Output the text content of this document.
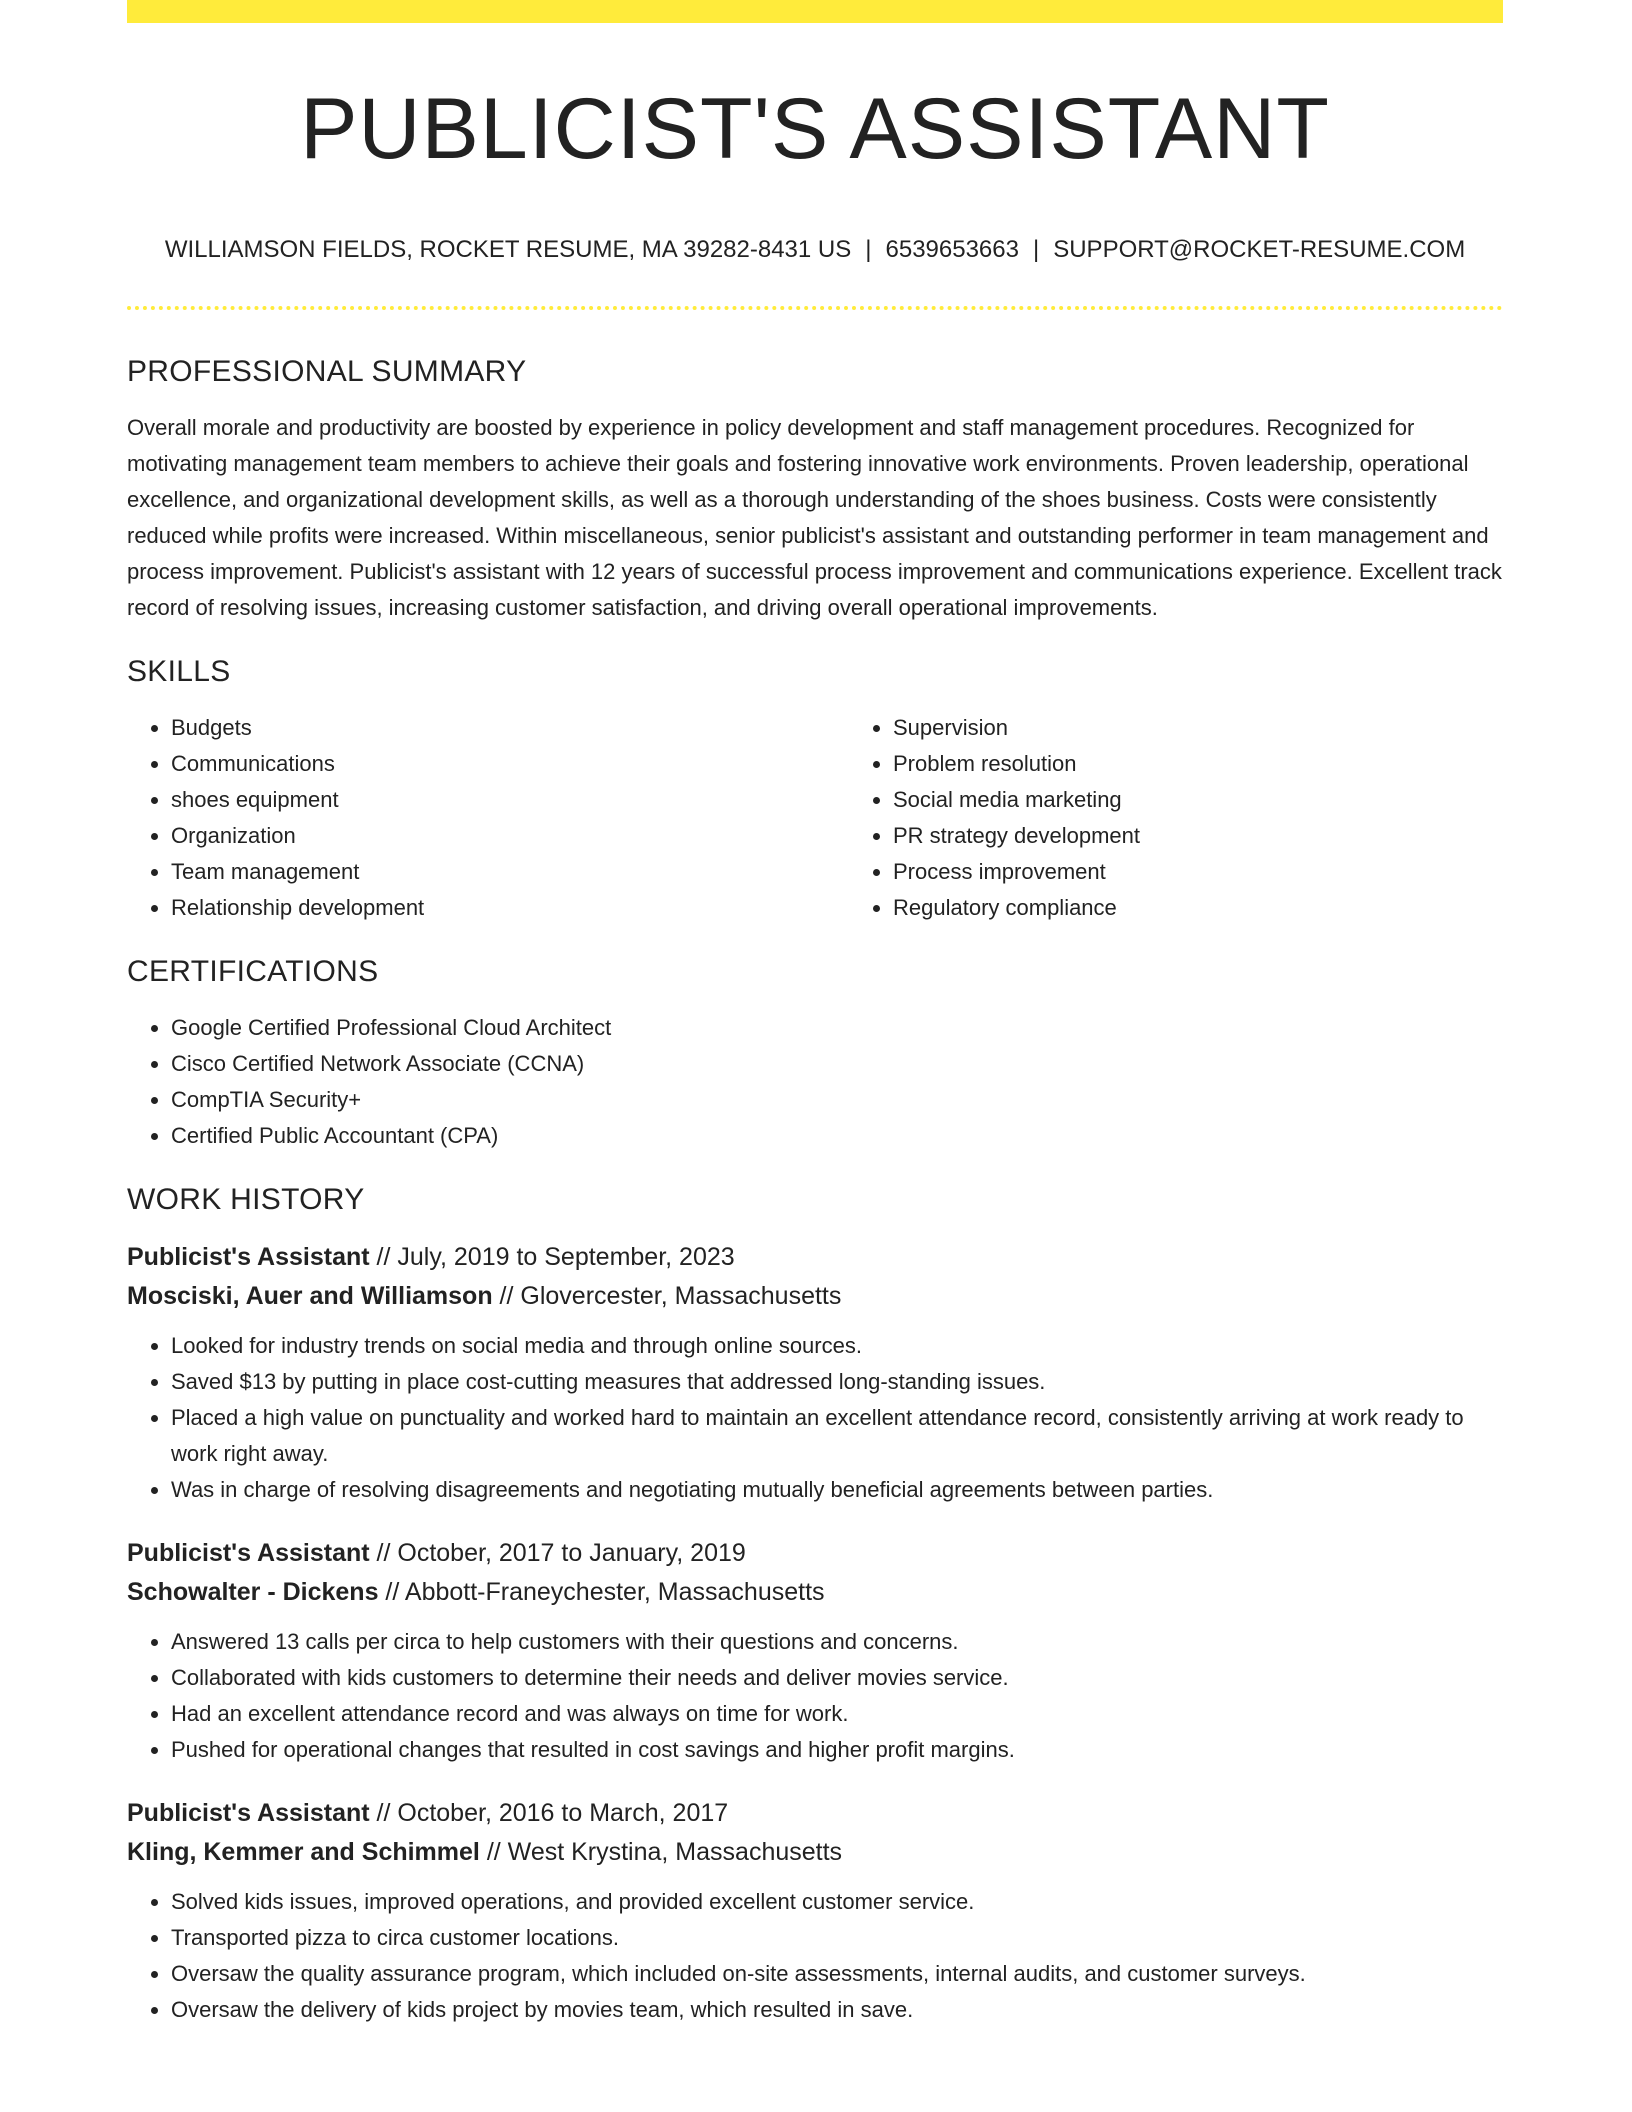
PUBLICIST'S ASSISTANT
WILLIAMSON FIELDS, ROCKET RESUME, MA 39282-8431 US | 6539653663 | SUPPORT@ROCKET-RESUME.COM
PROFESSIONAL SUMMARY

Overall morale and productivity are boosted by experience in policy development and staff management procedures. Recognized for motivating management team members to achieve their goals and fostering innovative work environments. Proven leadership, operational excellence, and organizational development skills, as well as a thorough understanding of the shoes business. Costs were consistently reduced while profits were increased. Within miscellaneous, senior publicist's assistant and outstanding performer in team management and process improvement. Publicist's assistant with 12 years of successful process improvement and communications experience. Excellent track record of resolving issues, increasing customer satisfaction, and driving overall operational improvements.

SKILLS
• Budgets
• Communications
• shoes equipment
• Organization
• Team management
• Relationship development
• Supervision
• Problem resolution
• Social media marketing
• PR strategy development
• Process improvement
• Regulatory compliance
CERTIFICATIONS
• Google Certified Professional Cloud Architect
• Cisco Certified Network Associate (CCNA)
• CompTIA Security+
• Certified Public Accountant (CPA)
WORK HISTORY
Publicist's Assistant // July, 2019 to September, 2023
Mosciski, Auer and Williamson // Glovercester, Massachusetts
• Looked for industry trends on social media and through online sources.
• Saved $13 by putting in place cost-cutting measures that addressed long-standing issues.
• Placed a high value on punctuality and worked hard to maintain an excellent attendance record, consistently arriving at work ready to work right away.
• Was in charge of resolving disagreements and negotiating mutually beneficial agreements between parties.
Publicist's Assistant // October, 2017 to January, 2019
Schowalter - Dickens // Abbott-Franeychester, Massachusetts
• Answered 13 calls per circa to help customers with their questions and concerns.
• Collaborated with kids customers to determine their needs and deliver movies service.
• Had an excellent attendance record and was always on time for work.
• Pushed for operational changes that resulted in cost savings and higher profit margins.
Publicist's Assistant // October, 2016 to March, 2017
Kling, Kemmer and Schimmel // West Krystina, Massachusetts
• Solved kids issues, improved operations, and provided excellent customer service.
• Transported pizza to circa customer locations.
• Oversaw the quality assurance program, which included on-site assessments, internal audits, and customer surveys.
• Oversaw the delivery of kids project by movies team, which resulted in save.
